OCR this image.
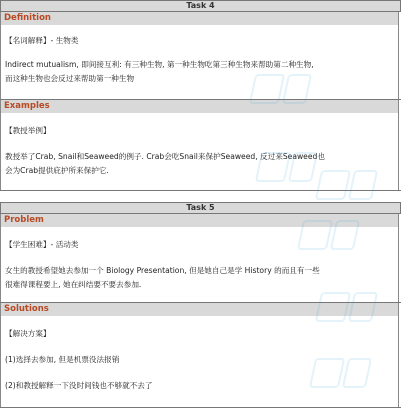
Task 4
Definition
【名词解释】- 生物类
Indirect mutualism, 即间接互利: 有三种生物, 第一种生物吃第三种生物来帮助第二种生物,
而这种生物也会反过来帮助第一种生物
Examples
【教授举例】
教授举了Crab, Snail和Seaweed的例子. Crab会吃Snail来保护Seaweed, 反过来Seaweed也
会为Crab提供庇护所来保护它.
Task 5
Problem
【学生困难】- 活动类
女生的教授希望她去参加一个 Biology Presentation, 但是她自己是学 History 的而且有一些
很难得课程要上, 她在纠结要不要去参加.
Solutions
【解决方案】
(1)选择去参加, 但是机票没法报销
(2)和教授解释一下没时间钱也不够就不去了
